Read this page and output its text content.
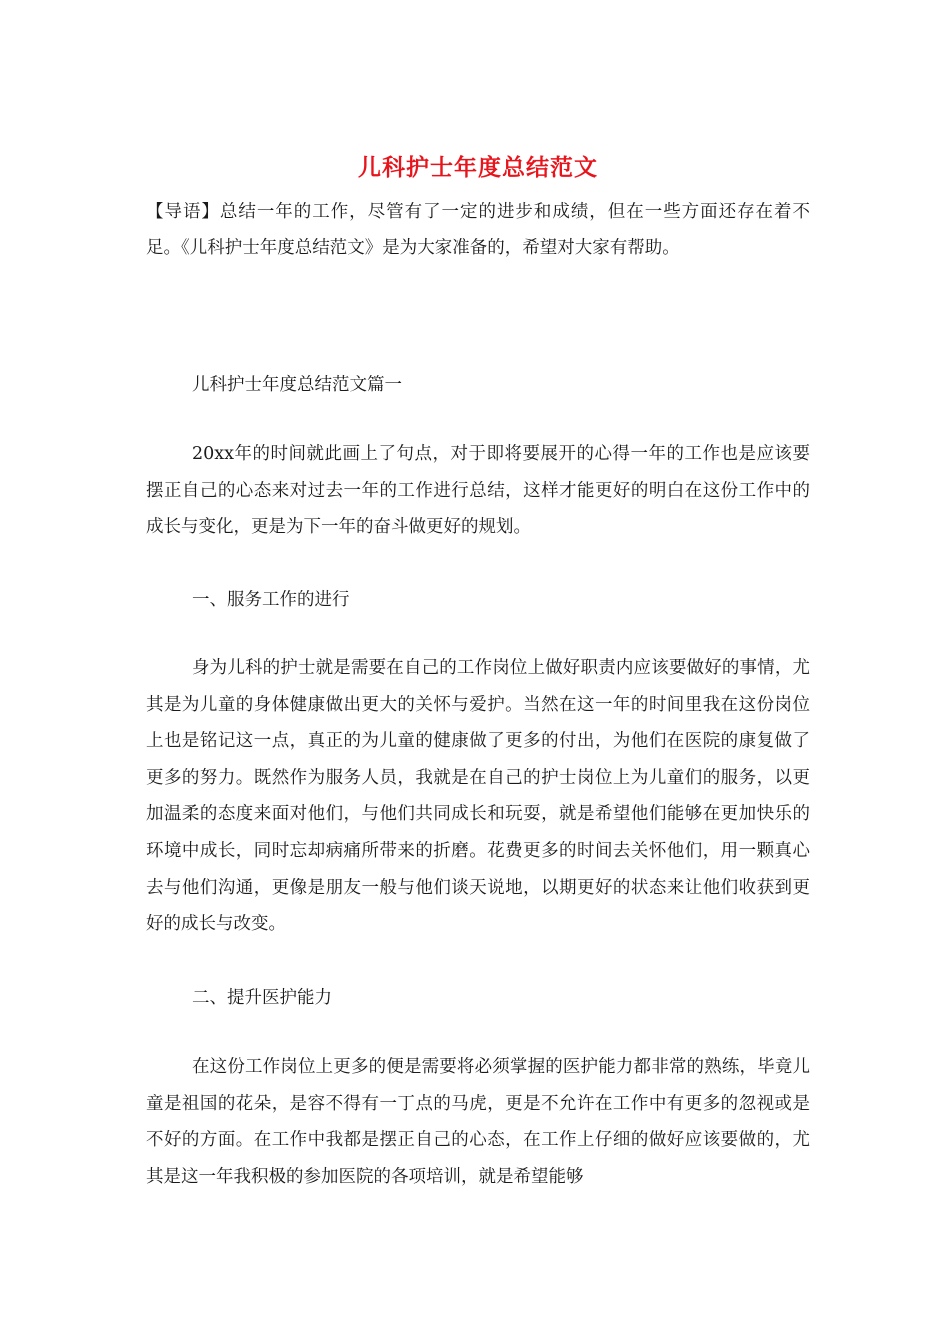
儿科护士年度总结范文

【导语】总结一年的工作，尽管有了一定的进步和成绩，但在一些方面还存在着不足。《儿科护士年度总结范文》是为大家准备的，希望对大家有帮助。

儿科护士年度总结范文篇一

20xx年的时间就此画上了句点，对于即将要展开的心得一年的工作也是应该要摆正自己的心态来对过去一年的工作进行总结，这样才能更好的明白在这份工作中的成长与变化，更是为下一年的奋斗做更好的规划。

一、服务工作的进行

身为儿科的护士就是需要在自己的工作岗位上做好职责内应该要做好的事情，尤其是为儿童的身体健康做出更大的关怀与爱护。当然在这一年的时间里我在这份岗位上也是铭记这一点，真正的为儿童的健康做了更多的付出，为他们在医院的康复做了更多的努力。既然作为服务人员，我就是在自己的护士岗位上为儿童们的服务，以更加温柔的态度来面对他们，与他们共同成长和玩耍，就是希望他们能够在更加快乐的环境中成长，同时忘却病痛所带来的折磨。花费更多的时间去关怀他们，用一颗真心去与他们沟通，更像是朋友一般与他们谈天说地，以期更好的状态来让他们收获到更好的成长与改变。

二、提升医护能力

在这份工作岗位上更多的便是需要将必须掌握的医护能力都非常的熟练，毕竟儿童是祖国的花朵，是容不得有一丁点的马虎，更是不允许在工作中有更多的忽视或是不好的方面。在工作中我都是摆正自己的心态，在工作上仔细的做好应该要做的，尤其是这一年我积极的参加医院的各项培训，就是希望能够
